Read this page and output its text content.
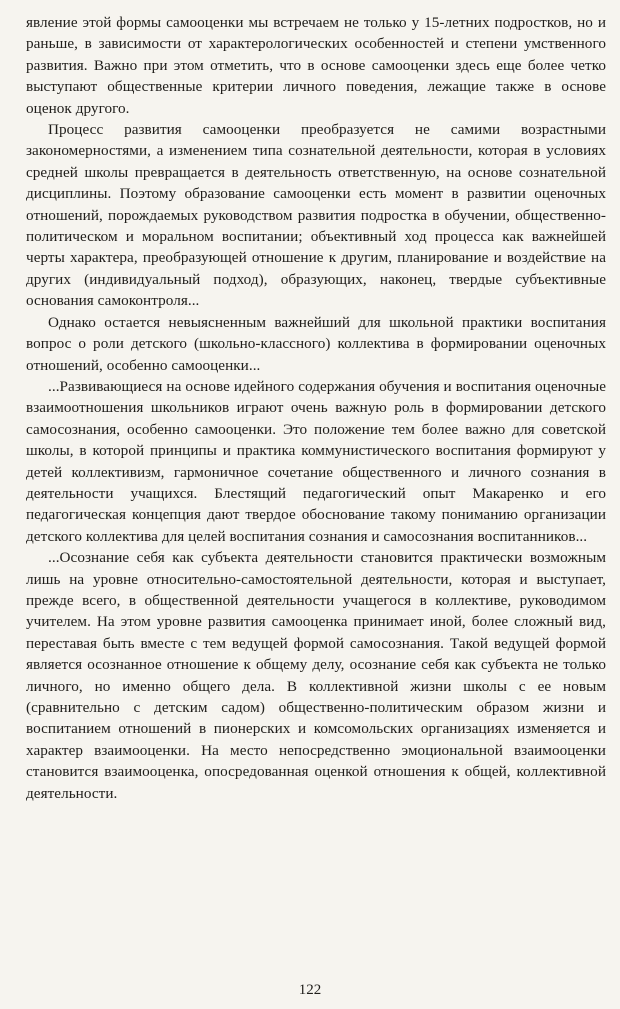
явление этой формы самооценки мы встречаем не только у 15-летних подростков, но и раньше, в зависимости от характерологических особенностей и степени умственного развития. Важно при этом отметить, что в основе самооценки здесь еще более четко выступают общественные критерии личного поведения, лежащие также в основе оценок другого.

Процесс развития самооценки преобразуется не самими возрастными закономерностями, а изменением типа сознательной деятельности, которая в условиях средней школы превращается в деятельность ответственную, на основе сознательной дисциплины. Поэтому образование самооценки есть момент в развитии оценочных отношений, порождаемых руководством развития подростка в обучении, общественно-политическом и моральном воспитании; объективный ход процесса как важнейшей черты характера, преобразующей отношение к другим, планирование и воздействие на других (индивидуальный подход), образующих, наконец, твердые субъективные основания самоконтроля...

Однако остается невыясненным важнейший для школьной практики воспитания вопрос о роли детского (школьно-классного) коллектива в формировании оценочных отношений, особенно самооценки...

...Развивающиеся на основе идейного содержания обучения и воспитания оценочные взаимоотношения школьников играют очень важную роль в формировании детского самосознания, особенно самооценки. Это положение тем более важно для советской школы, в которой принципы и практика коммунистического воспитания формируют у детей коллективизм, гармоничное сочетание общественного и личного сознания в деятельности учащихся. Блестящий педагогический опыт Макаренко и его педагогическая концепция дают твердое обоснование такому пониманию организации детского коллектива для целей воспитания сознания и самосознания воспитанников...

...Осознание себя как субъекта деятельности становится практически возможным лишь на уровне относительно-самостоятельной деятельности, которая и выступает, прежде всего, в общественной деятельности учащегося в коллективе, руководимом учителем. На этом уровне развития самооценка принимает иной, более сложный вид, переставая быть вместе с тем ведущей формой самосознания. Такой ведущей формой является осознанное отношение к общему делу, осознание себя как субъекта не только личного, но именно общего дела. В коллективной жизни школы с ее новым (сравнительно с детским садом) общественно-политическим образом жизни и воспитанием отношений в пионерских и комсомольских организациях изменяется и характер взаимооценки. На место непосредственно эмоциональной взаимооценки становится взаимооценка, опосредованная оценкой отношения к общей, коллективной деятельности.

122
